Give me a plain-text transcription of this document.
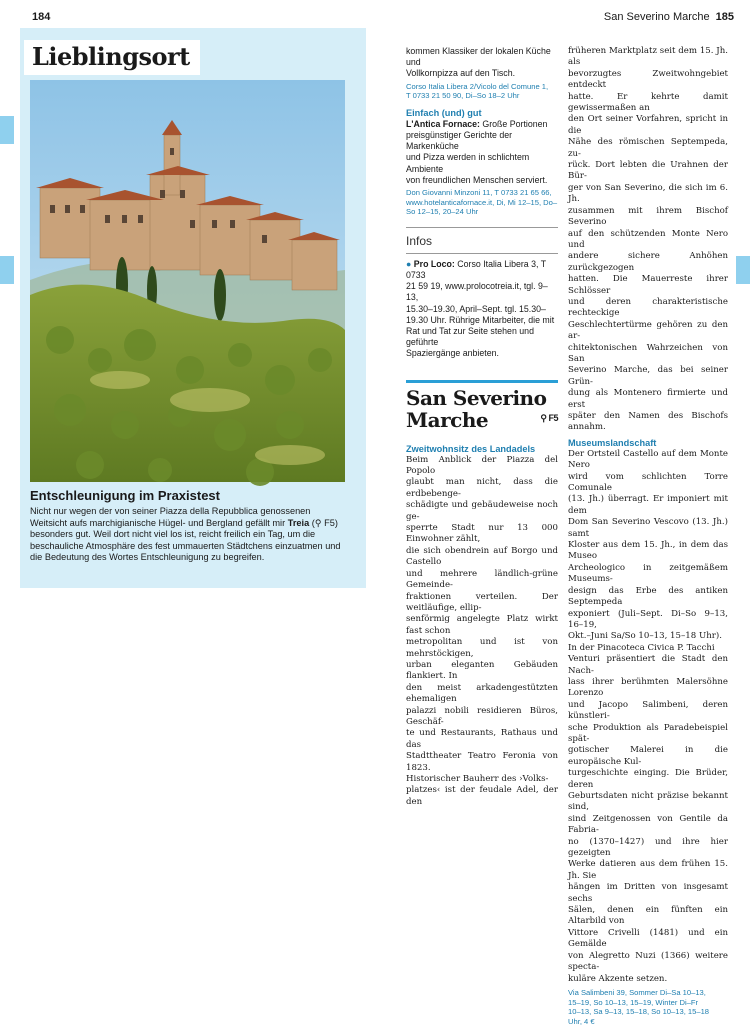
184
Lieblingsort
Entschleunigung im Praxistest
Nicht nur wegen der von seiner Piazza della Repubblica genossenen
Weitsicht aufs marchigianische Hügel- und Bergland gefällt mir Treia (⚲ F5)
besonders gut. Weil dort nicht viel los ist, reicht freilich ein Tag, um die
beschauliche Atmosphäre des fest ummauerten Städtchens einzuatmen und
die Bedeutung des Wortes Entschleunigung zu begreifen.
San Severino Marche 185
kommen Klassiker der lokalen Küche und
Vollkornpizza auf den Tisch.
Corso Italia Libera 2/Vicolo del Comune 1,
T 0733 21 50 90, Di–So 18–2 Uhr
Einfach (und) gut
L'Antica Fornace: Große Portionen
preisgünstiger Gerichte der Markenküche
und Pizza werden in schlichtem Ambiente
von freundlichen Menschen serviert.
Don Giovanni Minzoni 11, T 0733 21 65 66,
www.hotelanticafornace.it, Di, Mi 12–15, Do–
So 12–15, 20–24 Uhr
Infos
● Pro Loco: Corso Italia Libera 3, T 0733
21 59 19, www.prolocotreia.it, tgl. 9–13,
15.30–19.30, April–Sept. tgl. 15.30–
19.30 Uhr. Rührige Mitarbeiter, die mit
Rat und Tat zur Seite stehen und geführte
Spaziergänge anbieten.
San Severino
Marche	⚲ F5
Zweitwohnsitz des Landadels
Beim Anblick der Piazza del Popolo
glaubt man nicht, dass die erdbebenge-
schädigte und gebäudeweise noch ge-
sperrte Stadt nur 13 000 Einwohner zählt,
die sich obendrein auf Borgo und Castello
und mehrere ländlich-grüne Gemeinde-
fraktionen verteilen. Der weitläufige, ellip-
senförmig angelegte Platz wirkt fast schon
metropolitan und ist von mehrstöckigen,
urban eleganten Gebäuden flankiert. In
den meist arkadengestützten ehemaligen
palazzi nobili residieren Büros, Geschäf-
te und Restaurants, Rathaus und das
Stadttheater Teatro Feronia von 1823.
Historischer Bauherr des ›Volks-
platzes‹ ist der feudale Adel, der den
früheren Marktplatz seit dem 15. Jh. als
bevorzugtes Zweitwohngebiet entdeckt
hatte. Er kehrte damit gewissermaßen an
den Ort seiner Vorfahren, spricht in die
Nähe des römischen Septempeda, zu-
rück. Dort lebten die Urahnen der Bür-
ger von San Severino, die sich im 6. Jh.
zusammen mit ihrem Bischof Severino
auf den schützenden Monte Nero und
andere sichere Anhöhen zurückgezogen
hatten. Die Mauerreste ihrer Schlösser
und deren charakteristische rechteckige
Geschlechtertürme gehören zu den ar-
chitektonischen Wahrzeichen von San
Severino Marche, das bei seiner Grün-
dung als Montenero firmierte und erst
später den Namen des Bischofs annahm.
Museumslandschaft
Der Ortsteil Castello auf dem Monte Nero
wird vom schlichten Torre Comunale
(13. Jh.) überragt. Er imponiert mit dem
Dom San Severino Vescovo (13. Jh.) samt
Kloster aus dem 15. Jh., in dem das Museo
Archeologico in zeitgemäßem Museums-
design das Erbe des antiken Septempeda
exponiert (Juli–Sept. Di–So 9–13, 16–19,
Okt.–Juni Sa/So 10–13, 15–18 Uhr).
In der Pinacoteca Civica P. Tacchi
Venturi präsentiert die Stadt den Nach-
lass ihrer berühmten Malersöhne Lorenzo
und Jacopo Salimbeni, deren künstleri-
sche Produktion als Paradebeispiel spät-
gotischer Malerei in die europäische Kul-
turgeschichte einging. Die Brüder, deren
Geburtsdaten nicht präzise bekannt sind,
sind Zeitgenossen von Gentile da Fabria-
no (1370–1427) und ihre hier gezeigten
Werke datieren aus dem frühen 15. Jh. Sie
hängen im Dritten von insgesamt sechs
Sälen, denen ein fünften ein Altarbild von
Vittore Crivelli (1481) und ein Gemälde
von Alegretto Nuzi (1366) weitere specta-
kuläre Akzente setzen.
Via Salimbeni 39, Sommer Di–Sa 10–13,
15–19, So 10–13, 15–19, Winter Di–Fr
10–13, Sa 9–13, 15–18, So 10–13, 15–18
Uhr, 4 €
